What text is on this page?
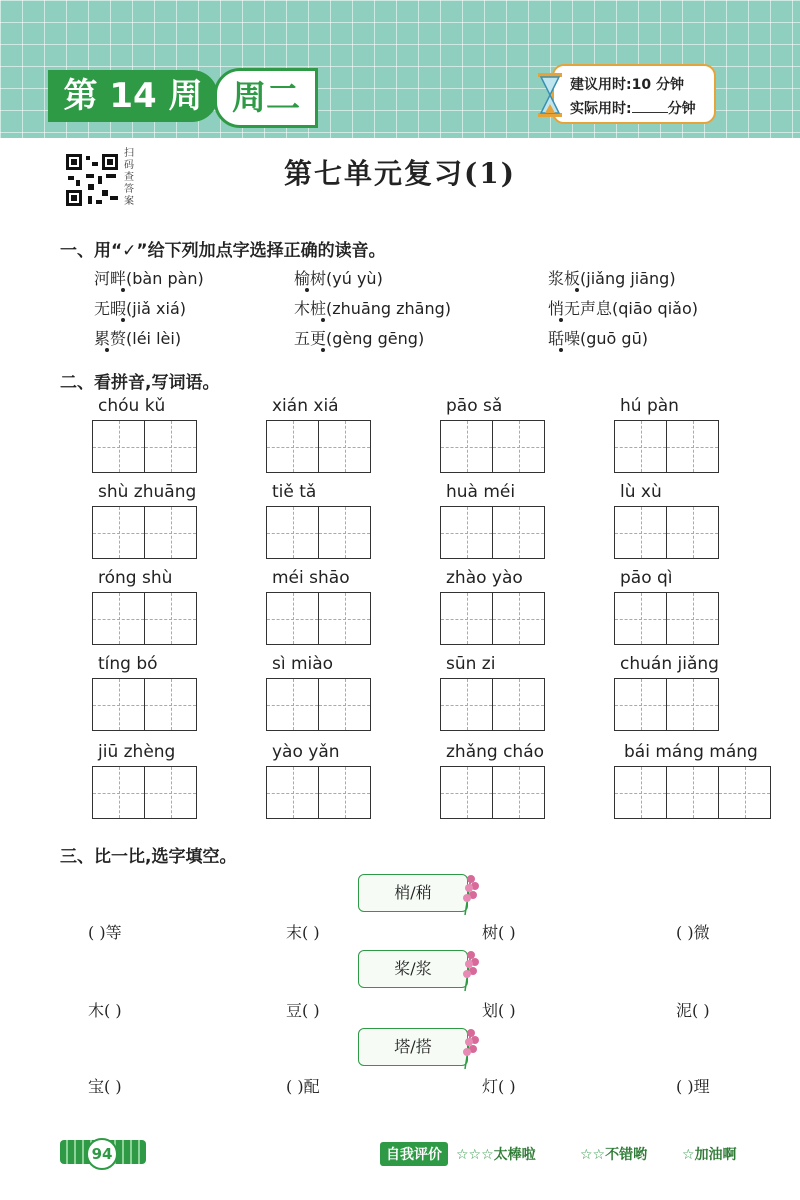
第 14 周 周二	建议用时:10 分钟
实际用时:	分钟
扫码查答案
第七单元复习(1)
一、用“✓”给下列加点字选择正确的读音。
河畔(bàn pàn)	榆树(yú yù)	浆板(jiǎng jiāng)
无暇(jiǎ xiá)	木桩(zhuāng zhāng)	悄无声息(qiāo qiǎo)
累赘(léi lèi)	五更(gèng gēng)	聒噪(guō gū)
二、看拼音,写词语。
chóu kǔ	xián xiá	pāo sǎ	hú pàn
shù zhuāng	tiě tǎ	huà méi	lù xù
róng shù	méi shāo	zhào yào	pāo qì
tíng bó	sì miào	sūn zi	chuán jiǎng
jiū zhèng	yào yǎn	zhǎng cháo	bái máng máng
三、比一比,选字填空。
梢/稍
桨/浆
塔/搭
( )等	末( )	树( )	( )微
木( )	豆( )	划( )	泥( )
宝( )	( )配	灯( )	( )理
94	自我评价	☆☆☆太棒啦	☆☆不错哟 ☆加油啊
